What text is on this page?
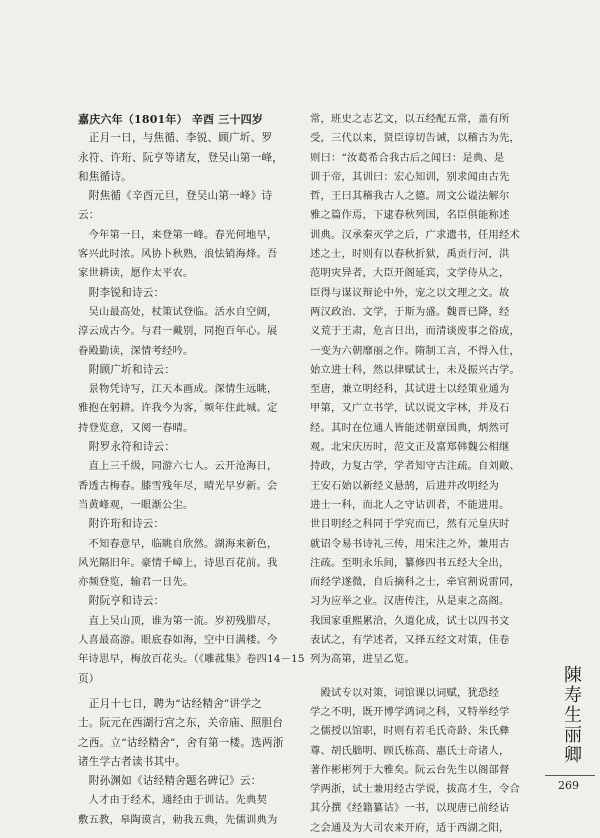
嘉庆六年（1801年） 辛酉 三十四岁
　正月一日，与焦循、李锐、顾广圻、罗
永符、许珩、阮亨等诸友，登吴山第一峰，
和焦循诗。
　附焦循《辛酉元旦，登吴山第一峰》诗
云：
　今年第一日，来登第一峰。春光何地早，
客兴此时浓。风协卜秋熟，浪怯销海烽。吾
家世耕读，愿作太平农。
　附李锐和诗云：
　吴山最高处，杖策试登临。活水自空阔，
淳云成古今。与君一戴别，同抱百年心。展
眷殿勤读，深情考经吟。
　附顾广圻和诗云：
　景物凭诗写，江天本画成。深情生远眺，
雅抱在躬耕。许我今为客，频年住此城。定
持登览意，又阅一春晴。
　附罗永符和诗云：
　直上三千级，同游六七人。云开沧海日，
香透古梅春。膝雪残年尽，晴光早岁新。会
当黄峰观，一眼渐公尘。
　附许珩和诗云：
　不知春意早，临眺自欣然。湖海来新色，
风光隔旧年。豪情千嶂上，诗思百花前。我
亦频登览，输君一日先。
　附阮亨和诗云：
　直上吴山顶，谁为第一流。岁初残腊尽，
人喜最高游。眼底春如海，空中日满楼。今
年诗思早，梅放百花头。（《雕菰集》卷四14－15
页）
　正月十七日，聘为“诂经精舍”讲学之
士。阮元在西湖行宫之东，关帝庙、照胆台
之西。立“诂经精舍”，舍有第一楼。选两浙
诸生学古者读书其中。
　附孙渊如《诂经精舍题名碑记》云：
　人才由于经术，通经由于训诂。先典契
敷五教，皋陶谟言，勅我五典，先儒训典为
常，班史之志艺文，以五经配五常，盖有所
受，三代以来，贤臣谆切告诫，以稽古为先，
则曰：“汝葛希合我古后之闻曰：是典、是
训于帝，其训曰：宏心知训，别求闻由古先
哲，王曰其稽我古人之德。周文公谥法解尔
雅之篇作焉，下逮春秋列国，名臣俱能称述
训典。汉承秦灭学之后，广求遗书，任用经术
述之士，时则有以春秋折狱，禹贡行河，洪
范明灾异者，大臣开阁延宾，文学侍从之，
臣得与谋议辩论中外，宠之以文理之文。故
两汉政治、文学，于斯为盛。魏晋已降，经
义荒于王肃，危言日出，而清谈废事之俗成，
一变为六朝靡丽之作。隋制工言，不得入仕，
始立进士科，然以律赋试士，未及振兴古学。
至唐，兼立明经科，其试进士以经策业通为
甲第，又广立书学，试以说文字林，并及石
经。其时在位通人皆能述朝章国典，炳然可
观。北宋庆历时，范文正及富郑韩魏公相继
持政，力复古学，学者知守古注疏。自刘敞、
王安石始以新经义悬鹄，后进并改明经为
进士一科，而北人之守诂训者，不能进用。
世目明经之科同于学究而已，然有元皇庆时
就诏令易书诗礼三传，用宋注之外，兼用古
注疏。至明永乐间，纂修四书五经大全出，
而经学遂微，自后摘科之士，牵官割说雷同，
习为应举之业。汉唐传注，从是束之高阁。
我国家重熙累洽，久道化成，试士以四书文
表试之，有学述者，又择五经文对策，佳卷
列为高第，进呈乙览。
　殿试专以对策，词馆课以词赋，犹恐经
学之不明，既开博学鸿词之科，又特举经学
之儒授以馆职，时则有若毛氏奇龄、朱氏彝
尊、胡氏胐明、顾氏栋高、惠氏士奇诸人，
著作彬彬列于大雅矣。阮云台先生以阁部督
学两浙，试士兼用经古学说，拔高才生，令合
其分撰《经籍纂诂》一书，以现唐已前经诂
之会通及为大司农来开府，适于西湖之阳，
陳
寿
生
丽
卿
269
